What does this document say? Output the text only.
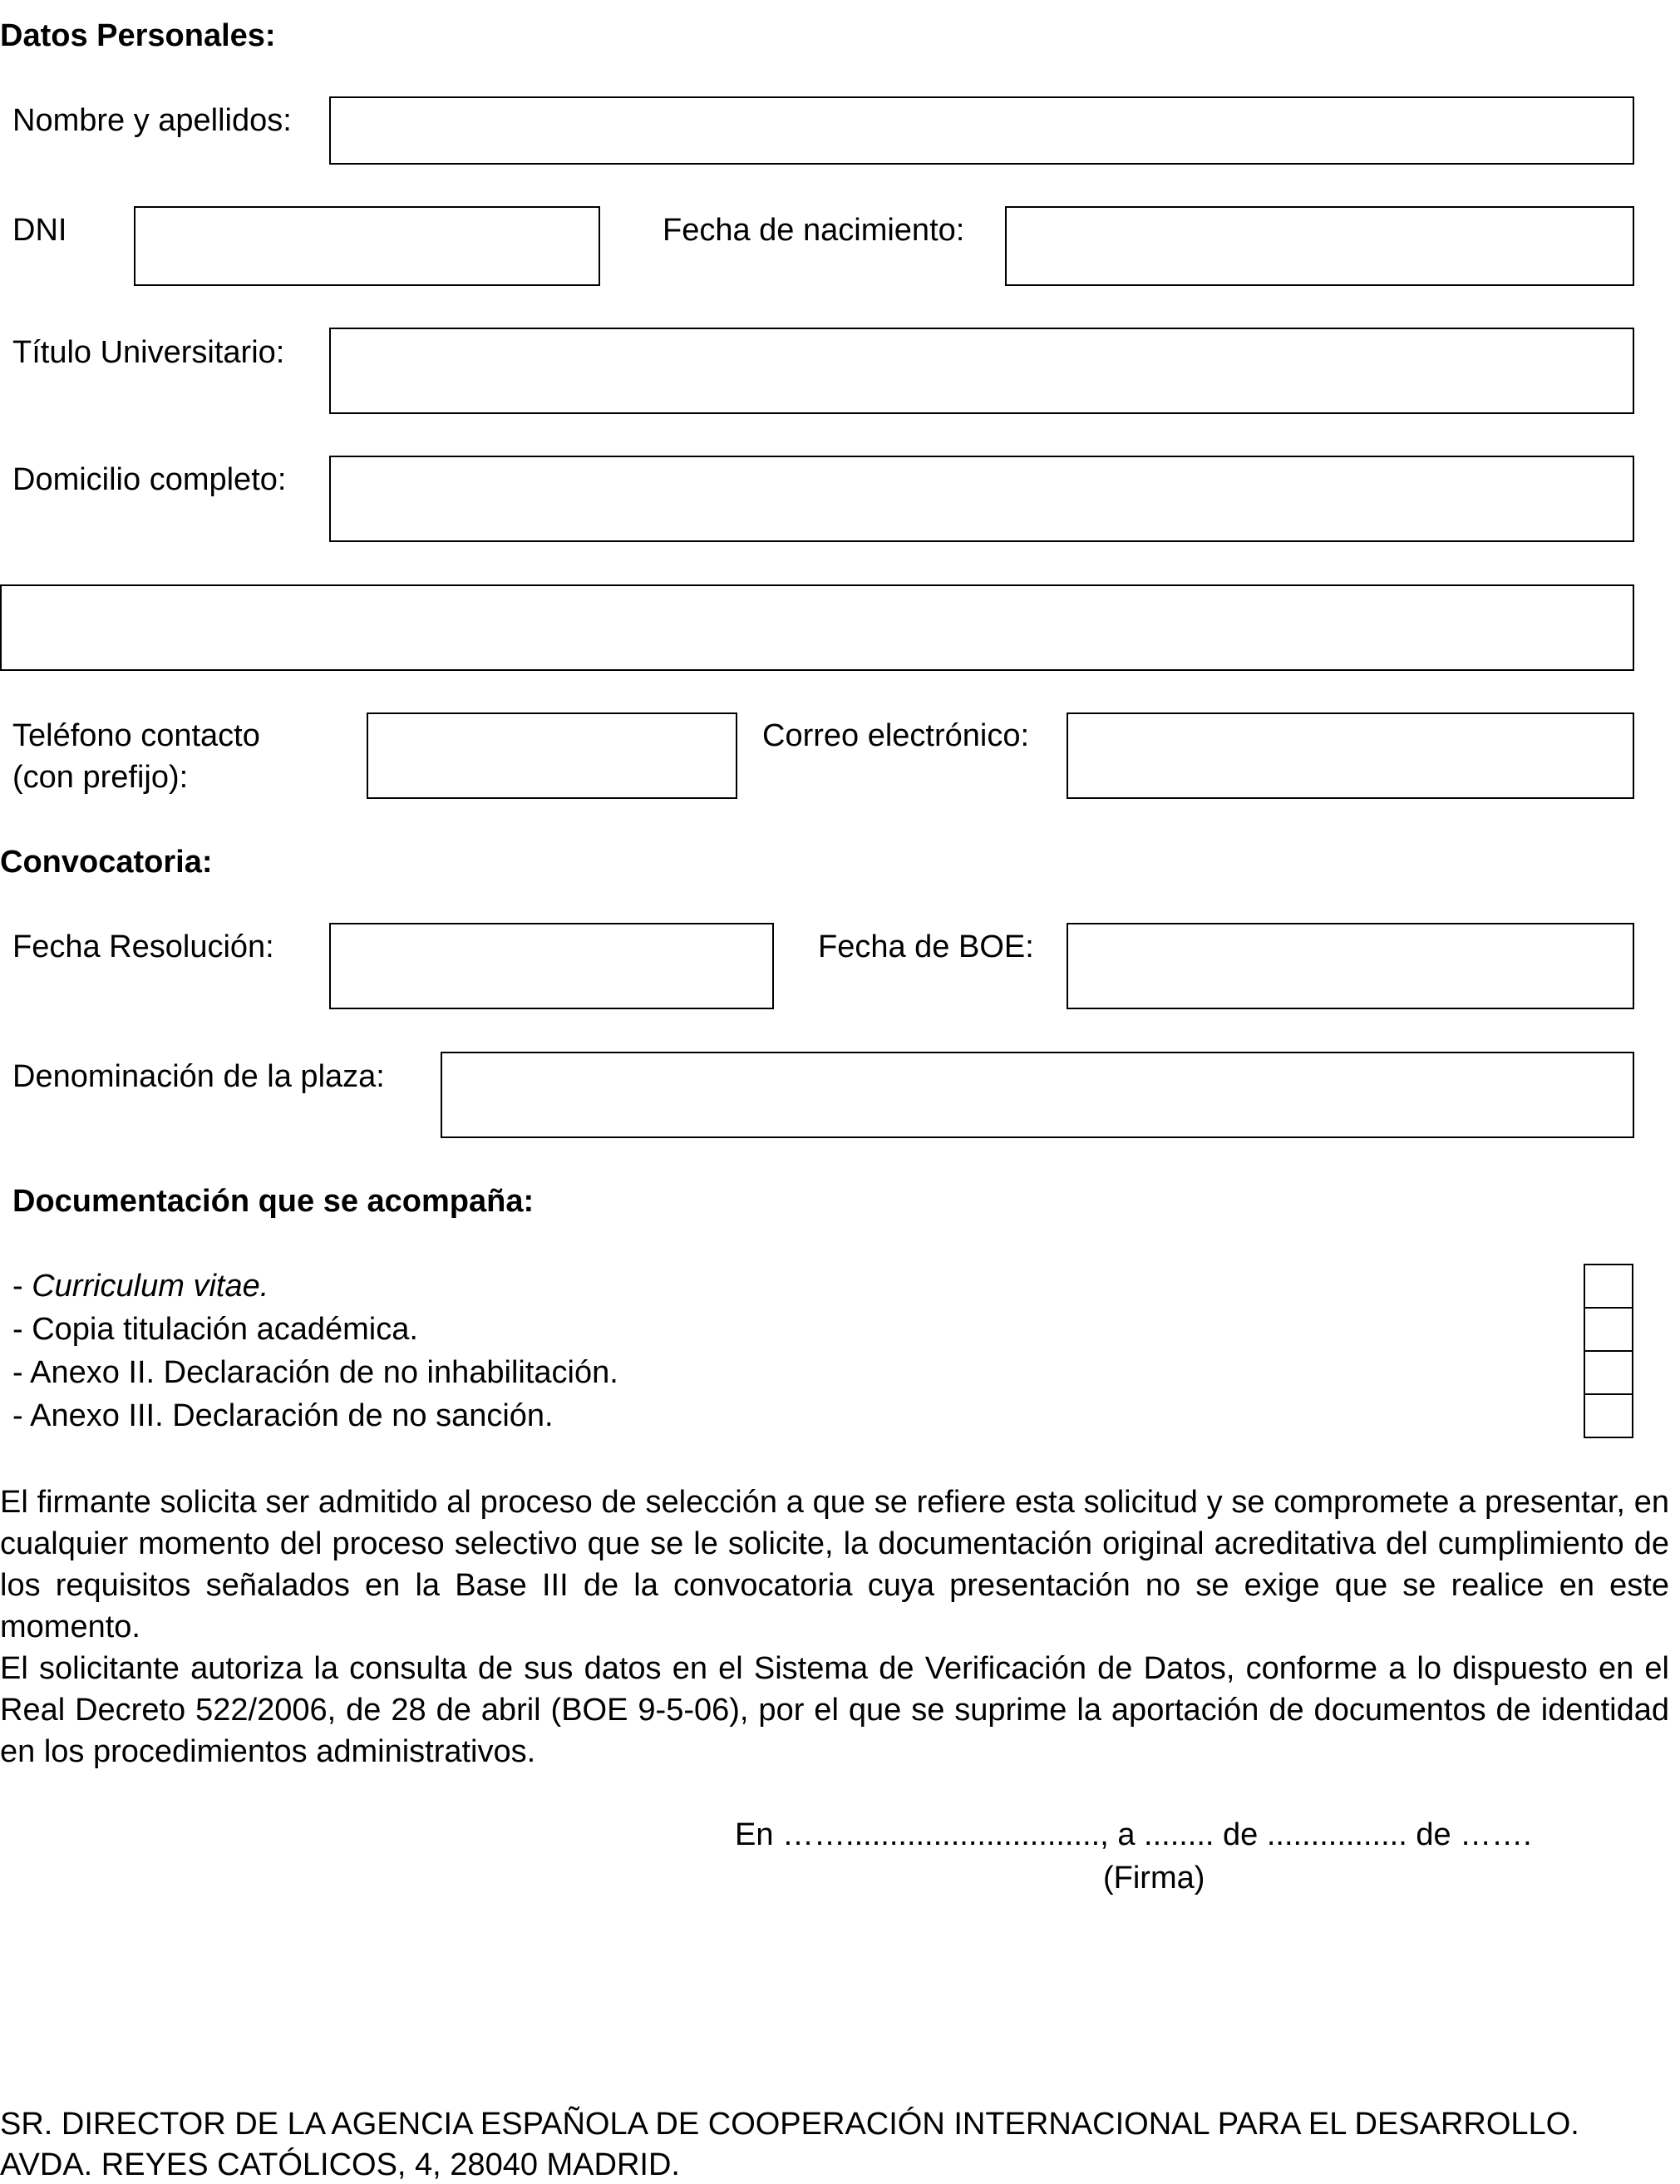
Datos Personales:
Nombre y apellidos:
DNI	Fecha de nacimiento:
Título Universitario:
Domicilio completo:
Teléfono contacto
(con prefijo):
Correo electrónico:
Convocatoria:
Fecha Resolución:	Fecha de BOE:
Denominación de la plaza:
Documentación que se acompaña:
- Curriculum vitae.
- Copia titulación académica.
- Anexo II. Declaración de no inhabilitación.
- Anexo III. Declaración de no sanción.

El firmante solicita ser admitido al proceso de selección a que se refiere esta solicitud y se compromete a presentar, en cualquier momento del proceso selectivo que se le solicite, la documentación original acreditativa del cumplimiento de los requisitos señalados en la Base III de la convocatoria cuya presentación no se exige que se realice en este momento.

El solicitante autoriza la consulta de sus datos en el Sistema de Verificación de Datos, conforme a lo dispuesto en el Real Decreto 522/2006, de 28 de abril (BOE 9-5-06), por el que se suprime la aportación de documentos de identidad en los procedimientos administrativos.

En ……............................., a ........ de ................ de …….
(Firma)
SR. DIRECTOR DE LA AGENCIA ESPAÑOLA DE COOPERACIÓN INTERNACIONAL PARA EL DESARROLLO.
AVDA. REYES CATÓLICOS, 4, 28040 MADRID.
